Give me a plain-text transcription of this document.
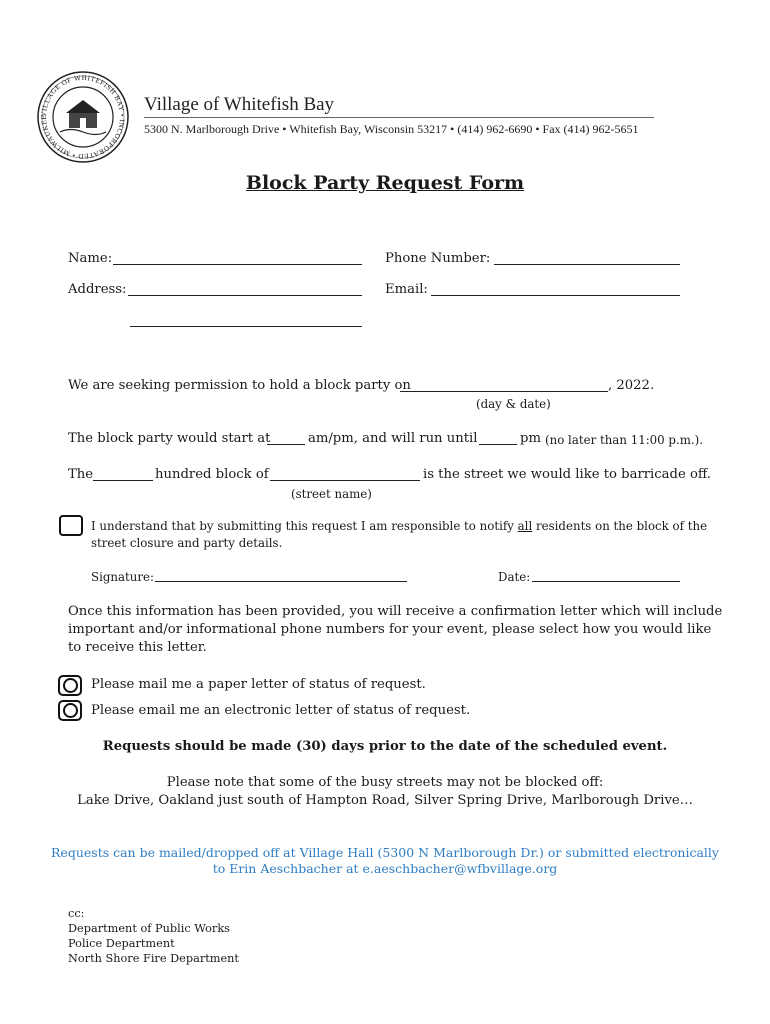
VILLAGE OF WHITEFISH BAY • INCORPORATED • MILWAUKEE
Village of Whitefish Bay
5300 N. Marlborough Drive • Whitefish Bay, Wisconsin 53217 • (414) 962-6690 • Fax (414) 962-5651
Block Party Request Form
Name:	Phone Number:
Address:	Email:
We are seeking permission to hold a block party on	, 2022.
(day & date)
The block party would start at	am/pm, and will run until	pm (no later than 11:00 p.m.).
The	hundred block of	is the street we would like to barricade off.
(street name)
I understand that by submitting this request I am responsible to notify all residents on the block of the
street closure and party details.
Signature:	Date:
Once this information has been provided, you will receive a confirmation letter which will include
important and/or informational phone numbers for your event, please select how you would like
to receive this letter.
Please mail me a paper letter of status of request.
Please email me an electronic letter of status of request.
Requests should be made (30) days prior to the date of the scheduled event.
Please note that some of the busy streets may not be blocked off:
Lake Drive, Oakland just south of Hampton Road, Silver Spring Drive, Marlborough Drive…
Requests can be mailed/dropped off at Village Hall (5300 N Marlborough Dr.) or submitted electronically
to Erin Aeschbacher at e.aeschbacher@wfbvillage.org
cc:
Department of Public Works
Police Department
North Shore Fire Department
